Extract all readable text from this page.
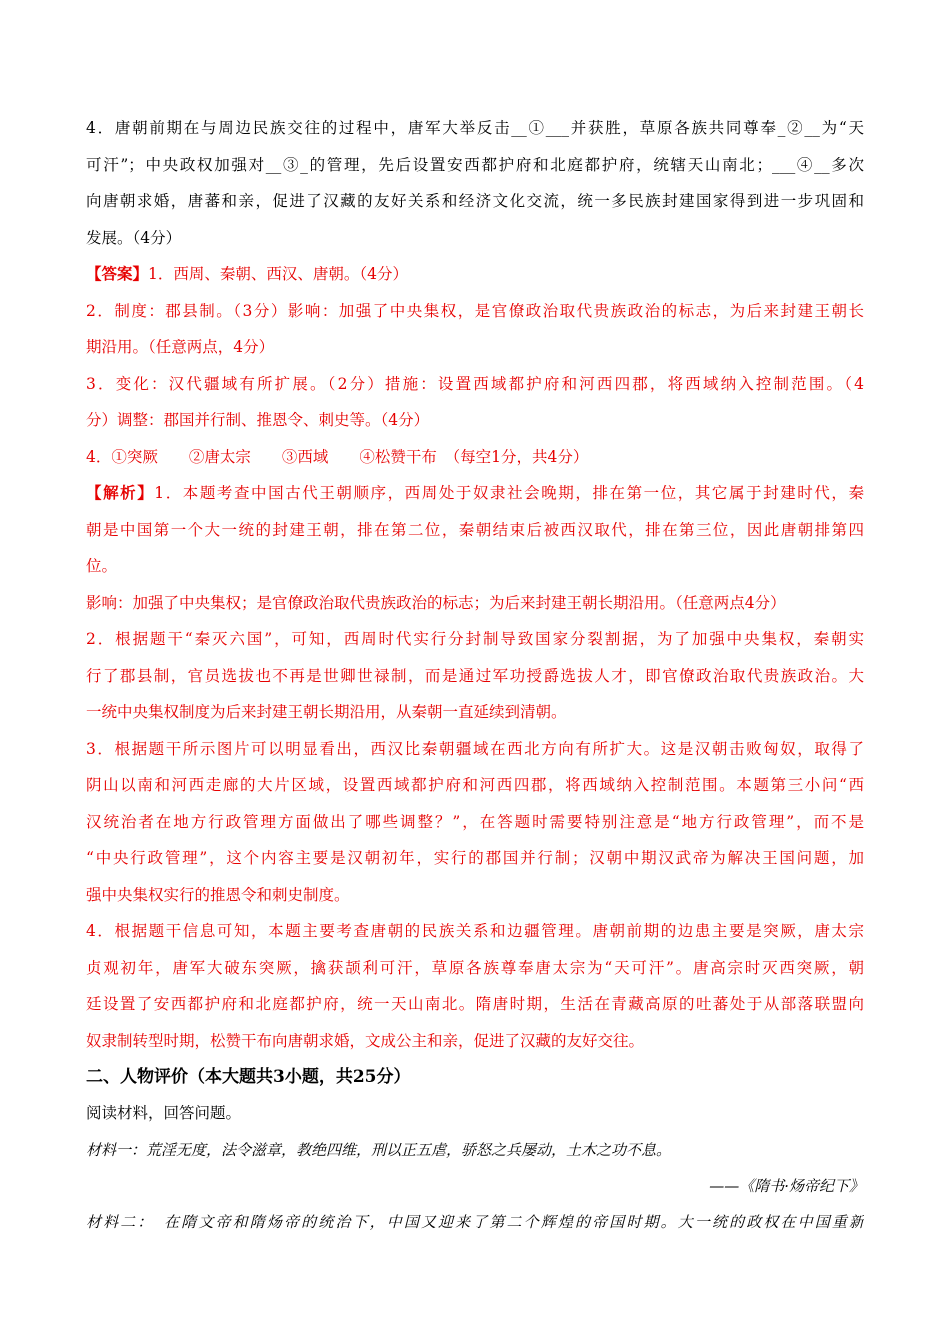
4．唐朝前期在与周边民族交往的过程中，唐军大举反击__①___并获胜，草原各族共同尊奉_②__为“天
可汗”；中央政权加强对__③_的管理，先后设置安西都护府和北庭都护府，统辖天山南北；___④__多次
向唐朝求婚，唐蕃和亲，促进了汉藏的友好关系和经济文化交流，统一多民族封建国家得到进一步巩固和
发展。（4分）
【答案】1．西周、秦朝、西汉、唐朝。（4分）
2．制度：郡县制。（3分）影响：加强了中央集权，是官僚政治取代贵族政治的标志，为后来封建王朝长
期沿用。（任意两点，4分）
3．变化：汉代疆域有所扩展。（2分）措施：设置西域都护府和河西四郡，将西域纳入控制范围。（4
分）调整：郡国并行制、推恩令、刺史等。（4分）
4．①突厥　　②唐太宗　　③西域　　④松赞干布　（每空1分，共4分）
【解析】1．本题考查中国古代王朝顺序，西周处于奴隶社会晚期，排在第一位，其它属于封建时代，秦
朝是中国第一个大一统的封建王朝，排在第二位，秦朝结束后被西汉取代，排在第三位，因此唐朝排第四
位。
影响：加强了中央集权；是官僚政治取代贵族政治的标志；为后来封建王朝长期沿用。（任意两点4分）
2．根据题干“秦灭六国”，可知，西周时代实行分封制导致国家分裂割据，为了加强中央集权，秦朝实
行了郡县制，官员选拔也不再是世卿世禄制，而是通过军功授爵选拔人才，即官僚政治取代贵族政治。大
一统中央集权制度为后来封建王朝长期沿用，从秦朝一直延续到清朝。
3．根据题干所示图片可以明显看出，西汉比秦朝疆域在西北方向有所扩大。这是汉朝击败匈奴，取得了
阴山以南和河西走廊的大片区域，设置西域都护府和河西四郡，将西域纳入控制范围。本题第三小问“西
汉统治者在地方行政管理方面做出了哪些调整？”，在答题时需要特别注意是“地方行政管理”，而不是
“中央行政管理”，这个内容主要是汉朝初年，实行的郡国并行制；汉朝中期汉武帝为解决王国问题，加
强中央集权实行的推恩令和刺史制度。
4．根据题干信息可知，本题主要考查唐朝的民族关系和边疆管理。唐朝前期的边患主要是突厥，唐太宗
贞观初年，唐军大破东突厥，擒获颉利可汗，草原各族尊奉唐太宗为“天可汗”。唐高宗时灭西突厥，朝
廷设置了安西都护府和北庭都护府，统一天山南北。隋唐时期，生活在青藏高原的吐蕃处于从部落联盟向
奴隶制转型时期，松赞干布向唐朝求婚，文成公主和亲，促进了汉藏的友好交往。
二、人物评价（本大题共3小题，共25分）
阅读材料，回答问题。
材料一：荒淫无度，法令滋章，教绝四维，刑以正五虐，骄怒之兵屡动，土木之功不息。
——《隋书·炀帝纪下》
材料二：　在隋文帝和隋炀帝的统治下，中国又迎来了第二个辉煌的帝国时期。大一统的政权在中国重新
